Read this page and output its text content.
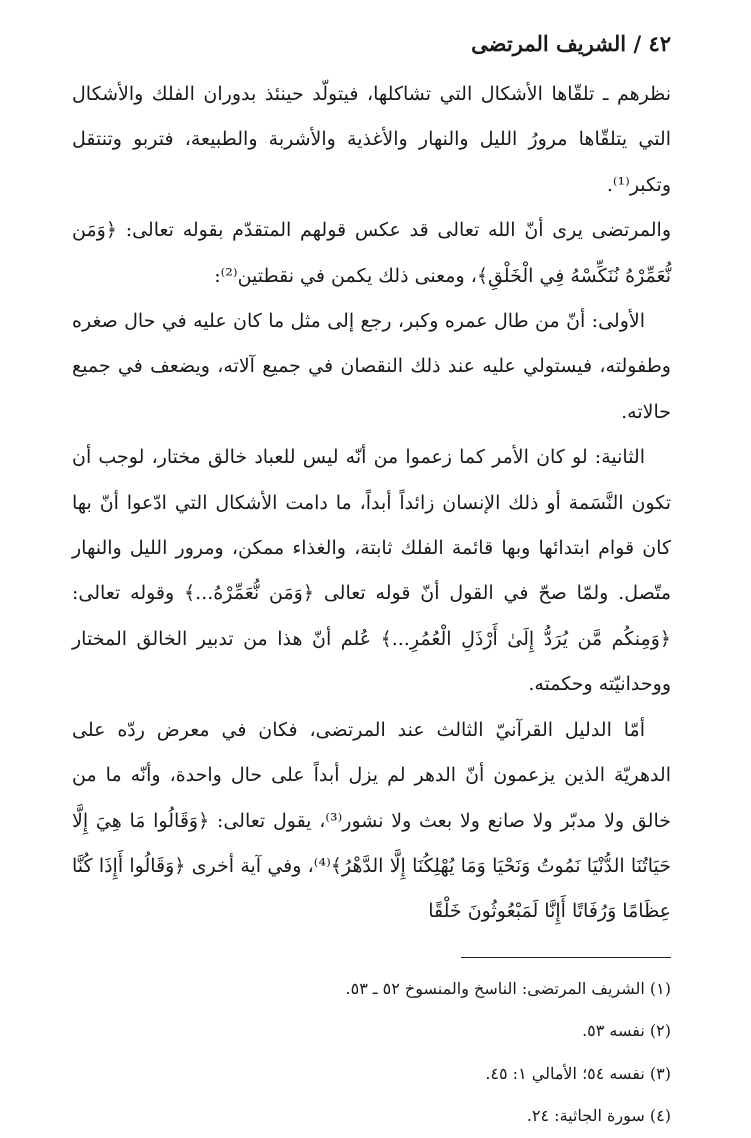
٤٢ / الشريف المرتضى

نظرهم ـ تلقّاها الأشكال التي تشاكلها، فيتولّد حينئذ بدوران الفلك والأشكال التي يتلقّاها مرورُ الليل والنهار والأغذية والأشربة والطبيعة، فتربو وتنتقل وتكبر⁽¹⁾.

والمرتضى يرى أنّ الله تعالى قد عكس قولهم المتقدّم بقوله تعالى: ﴿وَمَن نُّعَمِّرْهُ نُنَكِّسْهُ فِي الْخَلْقِ﴾، ومعنى ذلك يكمن في نقطتين⁽²⁾:

الأولى: أنّ من طال عمره وكبر، رجع إلى مثل ما كان عليه في حال صغره وطفولته، فيستولي عليه عند ذلك النقصان في جميع آلاته، ويضعف في جميع حالاته.

الثانية: لو كان الأمر كما زعموا من أنّه ليس للعباد خالق مختار، لوجب أن تكون النَّسَمة أو ذلك الإنسان زائداً أبداً، ما دامت الأشكال التي ادّعوا أنّ بها كان قوام ابتدائها وبها قائمة الفلك ثابتة، والغذاء ممكن، ومرور الليل والنهار متّصل. ولمّا صحّ في القول أنّ قوله تعالى ﴿وَمَن نُّعَمِّرْهُ...﴾ وقوله تعالى: ﴿وَمِنكُم مَّن يُرَدُّ إِلَىٰ أَرْذَلِ الْعُمُرِ...﴾ عُلم أنّ هذا من تدبير الخالق المختار ووحدانيّته وحكمته.

أمّا الدليل القرآنيّ الثالث عند المرتضى، فكان في معرض ردّه على الدهريّة الذين يزعمون أنّ الدهر لم يزل أبداً على حال واحدة، وأنّه ما من خالق ولا مدبّر ولا صانع ولا بعث ولا نشور⁽³⁾، يقول تعالى: ﴿وَقَالُوا مَا هِيَ إِلَّا حَيَاتُنَا الدُّنْيَا نَمُوتُ وَنَحْيَا وَمَا يُهْلِكُنَا إِلَّا الدَّهْرُ﴾⁽⁴⁾، وفي آية أخرى ﴿وَقَالُوا أَإِذَا كُنَّا عِظَامًا وَرُفَاتًا أَإِنَّا لَمَبْعُوثُونَ خَلْقًا

(١) الشريف المرتضى: الناسخ والمنسوخ ٥٢ ـ ٥٣.

(٢) نفسه ٥٣.

(٣) نفسه ٥٤؛ الأمالي ١: ٤٥.

(٤) سورة الجاثية: ٢٤.
